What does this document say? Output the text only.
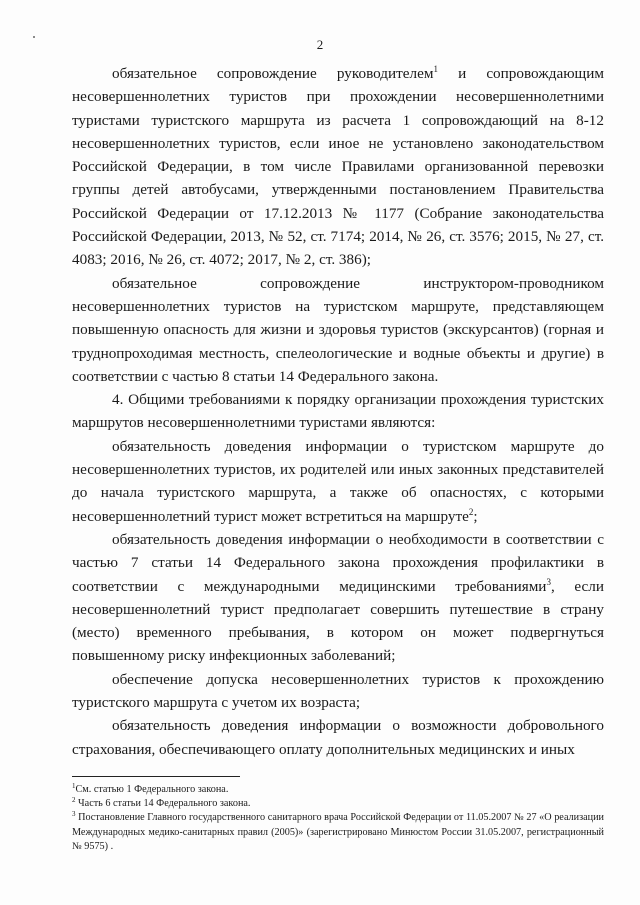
2

обязательное сопровождение руководителем$^1$ и сопровождающим несовершеннолетних туристов при прохождении несовершеннолетними туристами туристского маршрута из расчета 1 сопровождающий на 8-12 несовершеннолетних туристов, если иное не установлено законодательством Российской Федерации, в том числе Правилами организованной перевозки группы детей автобусами, утвержденными постановлением Правительства Российской Федерации от 17.12.2013 № 1177 (Собрание законодательства Российской Федерации, 2013, № 52, ст. 7174; 2014, № 26, ст. 3576; 2015, № 27, ст. 4083; 2016, № 26, ст. 4072; 2017, № 2, ст. 386);

обязательное сопровождение инструктором-проводником несовершеннолетних туристов на туристском маршруте, представляющем повышенную опасность для жизни и здоровья туристов (экскурсантов) (горная и труднопроходимая местность, спелеологические и водные объекты и другие) в соответствии с частью 8 статьи 14 Федерального закона.

4. Общими требованиями к порядку организации прохождения туристских маршрутов несовершеннолетними туристами являются:

обязательность доведения информации о туристском маршруте до несовершеннолетних туристов, их родителей или иных законных представителей до начала туристского маршрута, а также об опасностях, с которыми несовершеннолетний турист может встретиться на маршруте$^2$;

обязательность доведения информации о необходимости в соответствии с частью 7 статьи 14 Федерального закона прохождения профилактики в соответствии с международными медицинскими требованиями$^3$, если несовершеннолетний турист предполагает совершить путешествие в страну (место) временного пребывания, в котором он может подвергнуться повышенному риску инфекционных заболеваний;

обеспечение допуска несовершеннолетних туристов к прохождению туристского маршрута с учетом их возраста;

обязательность доведения информации о возможности добровольного страхования, обеспечивающего оплату дополнительных медицинских и иных

$^1$См. статью 1 Федерального закона.

$^2$ Часть 6 статьи 14 Федерального закона.

$^3$ Постановление Главного государственного санитарного врача Российской Федерации от 11.05.2007 № 27 «О реализации Международных медико-санитарных правил (2005)» (зарегистрировано Минюстом России 31.05.2007, регистрационный № 9575) .
